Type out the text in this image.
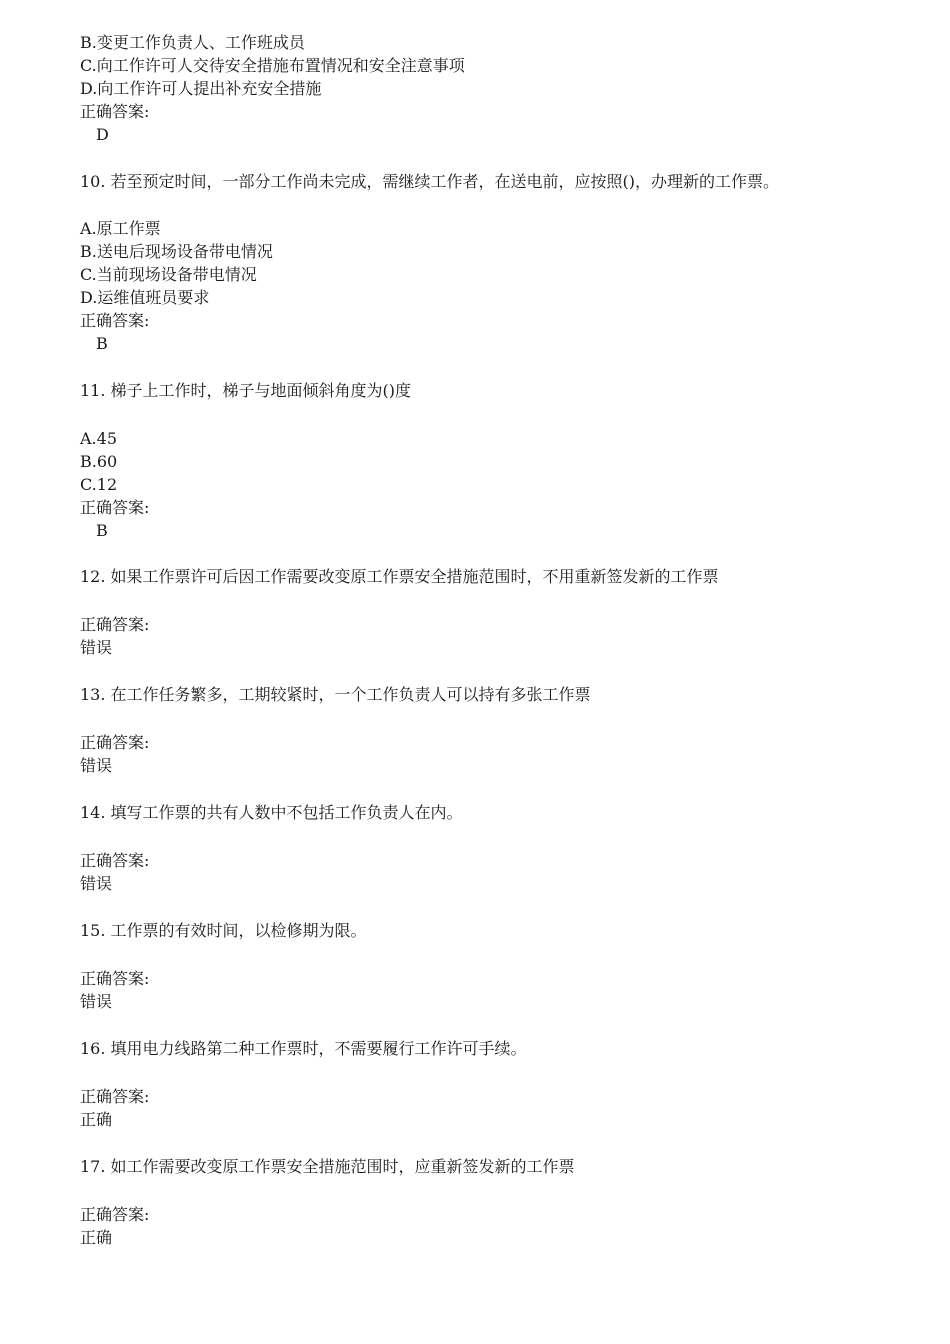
B.变更工作负责人、工作班成员
C.向工作许可人交待安全措施布置情况和安全注意事项
D.向工作许可人提出补充安全措施
正确答案:
D
10. 若至预定时间，一部分工作尚未完成，需继续工作者，在送电前，应按照()，办理新的工作票。
A.原工作票
B.送电后现场设备带电情况
C.当前现场设备带电情况
D.运维值班员要求
正确答案:
B
11. 梯子上工作时，梯子与地面倾斜角度为()度
A.45
B.60
C.12
正确答案:
B
12. 如果工作票许可后因工作需要改变原工作票安全措施范围时，不用重新签发新的工作票
正确答案:
错误
13. 在工作任务繁多，工期较紧时，一个工作负责人可以持有多张工作票
正确答案:
错误
14. 填写工作票的共有人数中不包括工作负责人在内。
正确答案:
错误
15. 工作票的有效时间，以检修期为限。
正确答案:
错误
16. 填用电力线路第二种工作票时，不需要履行工作许可手续。
正确答案:
正确
17. 如工作需要改变原工作票安全措施范围时，应重新签发新的工作票
正确答案:
正确
